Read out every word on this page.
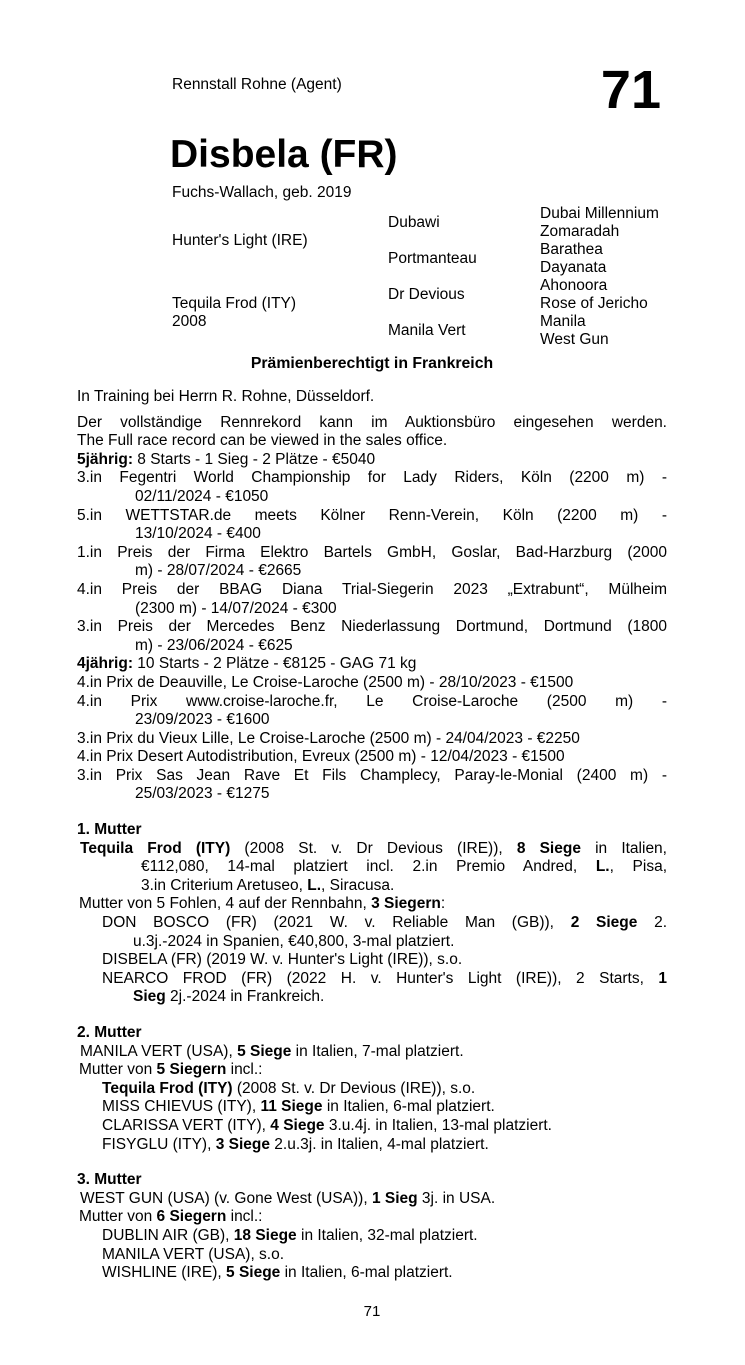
Rennstall Rohne (Agent)	71
Disbela (FR)
Fuchs-Wallach, geb. 2019
Hunter's Light (IRE)
Dubawi
Portmanteau
Dubai Millennium
Zomaradah
Barathea
Dayanata
Tequila Frod (ITY)
2008
Dr Devious
Manila Vert
Ahonoora
Rose of Jericho
Manila
West Gun
Prämienberechtigt in Frankreich
In Training bei Herrn R. Rohne, Düsseldorf.
Der vollständige Rennrekord kann im Auktionsbüro eingesehen werden.
The Full race record can be viewed in the sales office.
5jährig: 8 Starts - 1 Sieg - 2 Plätze - €5040
3.in Fegentri World Championship for Lady Riders, Köln (2200 m) -
02/11/2024 - €1050
5.in WETTSTAR.de meets Kölner Renn-Verein, Köln (2200 m) -
13/10/2024 - €400
1.in Preis der Firma Elektro Bartels GmbH, Goslar, Bad-Harzburg (2000
m) - 28/07/2024 - €2665
4.in Preis der BBAG Diana Trial-Siegerin 2023 „Extrabunt“, Mülheim
(2300 m) - 14/07/2024 - €300
3.in Preis der Mercedes Benz Niederlassung Dortmund, Dortmund (1800
m) - 23/06/2024 - €625
4jährig: 10 Starts - 2 Plätze - €8125 - GAG 71 kg
4.in Prix de Deauville, Le Croise-Laroche (2500 m) - 28/10/2023 - €1500
4.in Prix www.croise-laroche.fr, Le Croise-Laroche (2500 m) -
23/09/2023 - €1600
3.in Prix du Vieux Lille, Le Croise-Laroche (2500 m) - 24/04/2023 - €2250
4.in Prix Desert Autodistribution, Evreux (2500 m) - 12/04/2023 - €1500
3.in Prix Sas Jean Rave Et Fils Champlecy, Paray-le-Monial (2400 m) -
25/03/2023 - €1275
1. Mutter
Tequila Frod (ITY) (2008 St. v. Dr Devious (IRE)), 8 Siege in Italien,
€112,080, 14-mal platziert incl. 2.in Premio Andred, L., Pisa,
3.in Criterium Aretuseo, L., Siracusa.
Mutter von 5 Fohlen, 4 auf der Rennbahn, 3 Siegern:
DON BOSCO (FR) (2021 W. v. Reliable Man (GB)), 2 Siege 2.
u.3j.-2024 in Spanien, €40,800, 3-mal platziert.
DISBELA (FR) (2019 W. v. Hunter's Light (IRE)), s.o.
NEARCO FROD (FR) (2022 H. v. Hunter's Light (IRE)), 2 Starts, 1
Sieg 2j.-2024 in Frankreich.
2. Mutter
MANILA VERT (USA), 5 Siege in Italien, 7-mal platziert.
Mutter von 5 Siegern incl.:
Tequila Frod (ITY) (2008 St. v. Dr Devious (IRE)), s.o.
MISS CHIEVUS (ITY), 11 Siege in Italien, 6-mal platziert.
CLARISSA VERT (ITY), 4 Siege 3.u.4j. in Italien, 13-mal platziert.
FISYGLU (ITY), 3 Siege 2.u.3j. in Italien, 4-mal platziert.
3. Mutter
WEST GUN (USA) (v. Gone West (USA)), 1 Sieg 3j. in USA.
Mutter von 6 Siegern incl.:
DUBLIN AIR (GB), 18 Siege in Italien, 32-mal platziert.
MANILA VERT (USA), s.o.
WISHLINE (IRE), 5 Siege in Italien, 6-mal platziert.
71
